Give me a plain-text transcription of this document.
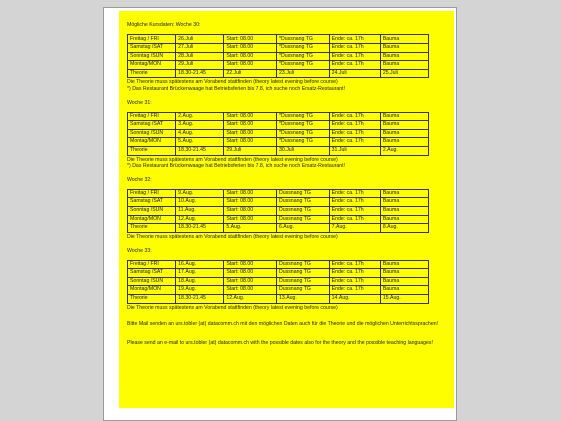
Mögliche Kursdaten: Woche 30:

Freitag / FRI	26.Juli	Start: 08.00	*Dussnang TG	Ende: ca. 17h	Bauma
Samstag /SAT	27.Juli	Start: 08.00	*Dussnang TG	Ende: ca. 17h	Bauma
Sonntag /SUN	28.Juli	Start: 08.00	*Dussnang TG	Ende: ca. 17h	Bauma
Montag/MON	29.Juli	Start: 08.00	*Dussnang TG	Ende: ca. 17h	Bauma
Theorie	18.30-21.45	22.Juli	23.Juli	24.Juli	25.Juli

Die Theorie muss spätestens am Vorabend stattfinden (theory latest evening before course)

*) Das Restaurant Brückenwaage hat Betriebsferien bis 7.8, ich suche noch Ersatz-Restaurant!

Woche 31:

Freitag / FRI	2.Aug.	Start: 08.00	*Dussnang TG	Ende: ca. 17h	Bauma
Samstag /SAT	3.Aug.	Start: 08.00	*Dussnang TG	Ende: ca. 17h	Bauma
Sonntag /SUN	4.Aug.	Start: 08.00	*Dussnang TG	Ende: ca. 17h	Bauma
Montag/MON	5.Aug.	Start: 08.00	*Dussnang TG	Ende: ca. 17h	Bauma
Theorie	18.30-21.45	29.Juli	30.Juli	31.Juli	2.Aug.

Die Theorie muss spätestens am Vorabend stattfinden (theory latest evening before course)

*) Das Restaurant Brückenwaage hat Betriebsferien bis 7.8, ich suche noch Ersatz-Restaurant!

Woche 32:

Freitag / FRI	9.Aug.	Start: 08.00	Dussnang TG	Ende: ca. 17h	Bauma
Samstag /SAT	10.Aug.	Start: 08.00	Dussnang TG	Ende: ca. 17h	Bauma
Sonntag /SUN	11.Aug.	Start: 08.00	Dussnang TG	Ende: ca. 17h	Bauma
Montag/MON	12.Aug.	Start: 08.00	Dussnang TG	Ende: ca. 17h	Bauma
Theorie	18.30-21.45	5.Aug.	6.Aug.	7.Aug.	8.Aug.

Die Theorie muss spätestens am Vorabend stattfinden (theory latest evening before course)

Woche 33:

Freitag / FRI	16.Aug.	Start: 08.00	Dussnang TG	Ende: ca. 17h	Bauma
Samstag /SAT	17.Aug.	Start: 08.00	Dussnang TG	Ende: ca. 17h	Bauma
Sonntag /SUN	18.Aug.	Start: 08.00	Dussnang TG	Ende: ca. 17h	Bauma
Montag/MON	19.Aug.	Start: 08.00	Dussnang TG	Ende: ca. 17h	Bauma
Theorie	18.30-21.45	12.Aug.	13.Aug.	14.Aug.	15.Aug.

Die Theorie muss spätestens am Vorabend stattfinden (theory latest evening before course)

Bitte Mail senden an urs.tobler (at) datacomm.ch mit den möglichen Daten auch für die Theorie und die möglichen Unterrichtssprachen!

Please send an e-mail to urs.tobler (at) datacomm.ch with the possible dates also for the theory and the possible teaching languages!
